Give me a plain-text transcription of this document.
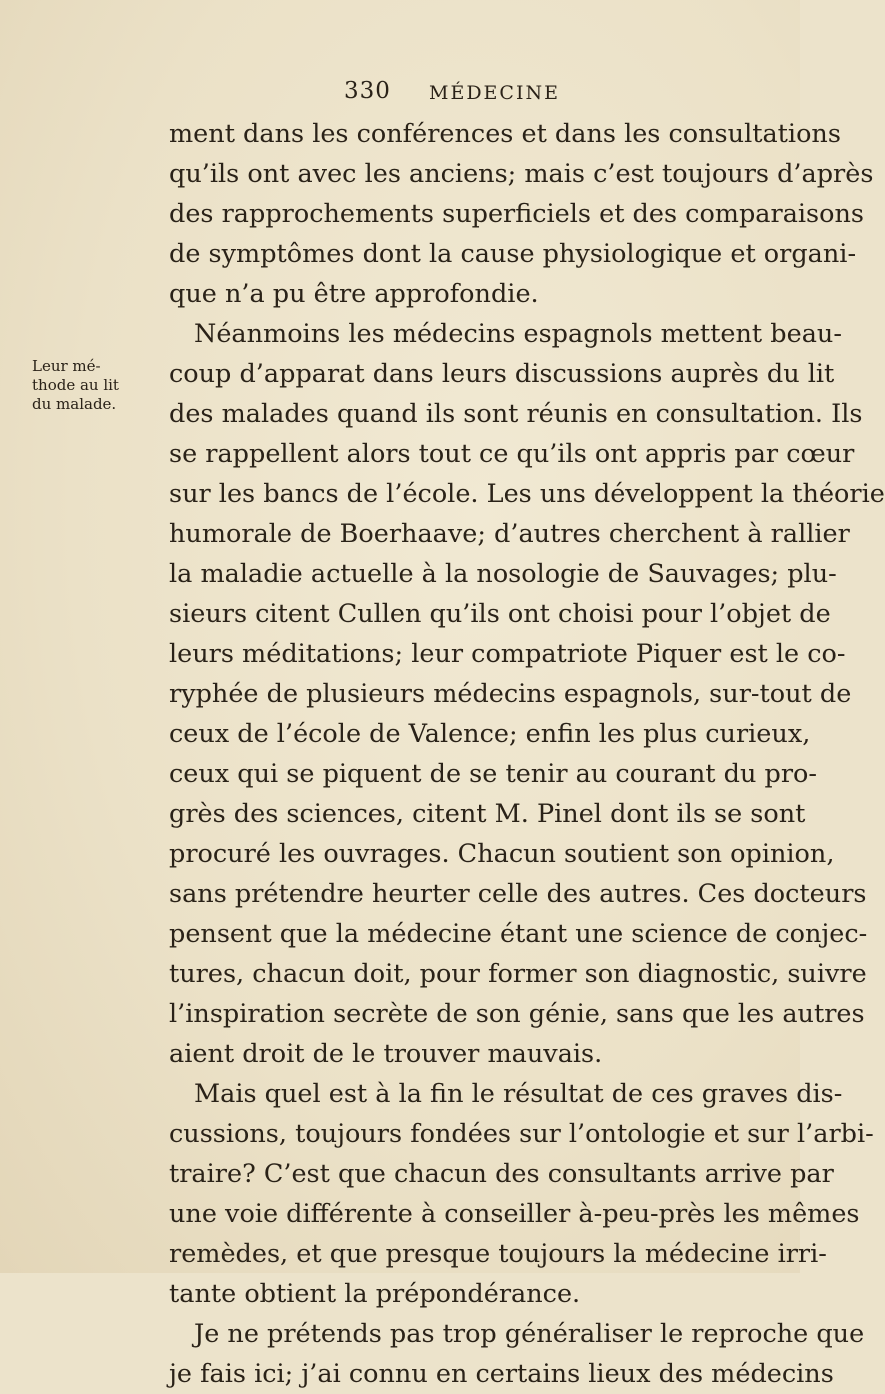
330 MÉDECINE
Leur mé-
thode au lit
du malade.
ment dans les conférences et dans les consultations
qu’ils ont avec les anciens; mais c’est toujours d’après
des rapprochements superficiels et des comparaisons
de symptômes dont la cause physiologique et organi-
que n’a pu être approfondie.
Néanmoins les médecins espagnols mettent beau-
coup d’apparat dans leurs discussions auprès du lit
des malades quand ils sont réunis en consultation. Ils
se rappellent alors tout ce qu’ils ont appris par cœur
sur les bancs de l’école. Les uns développent la théorie
humorale de Boerhaave; d’autres cherchent à rallier
la maladie actuelle à la nosologie de Sauvages; plu-
sieurs citent Cullen qu’ils ont choisi pour l’objet de
leurs méditations; leur compatriote Piquer est le co-
ryphée de plusieurs médecins espagnols, sur-tout de
ceux de l’école de Valence; enfin les plus curieux,
ceux qui se piquent de se tenir au courant du pro-
grès des sciences, citent M. Pinel dont ils se sont
procuré les ouvrages. Chacun soutient son opinion,
sans prétendre heurter celle des autres. Ces docteurs
pensent que la médecine étant une science de conjec-
tures, chacun doit, pour former son diagnostic, suivre
l’inspiration secrète de son génie, sans que les autres
aient droit de le trouver mauvais.
Mais quel est à la fin le résultat de ces graves dis-
cussions, toujours fondées sur l’ontologie et sur l’arbi-
traire? C’est que chacun des consultants arrive par
une voie différente à conseiller à-peu-près les mêmes
remèdes, et que presque toujours la médecine irri-
tante obtient la prépondérance.
Je ne prétends pas trop généraliser le reproche que
je fais ici; j’ai connu en certains lieux des médecins
